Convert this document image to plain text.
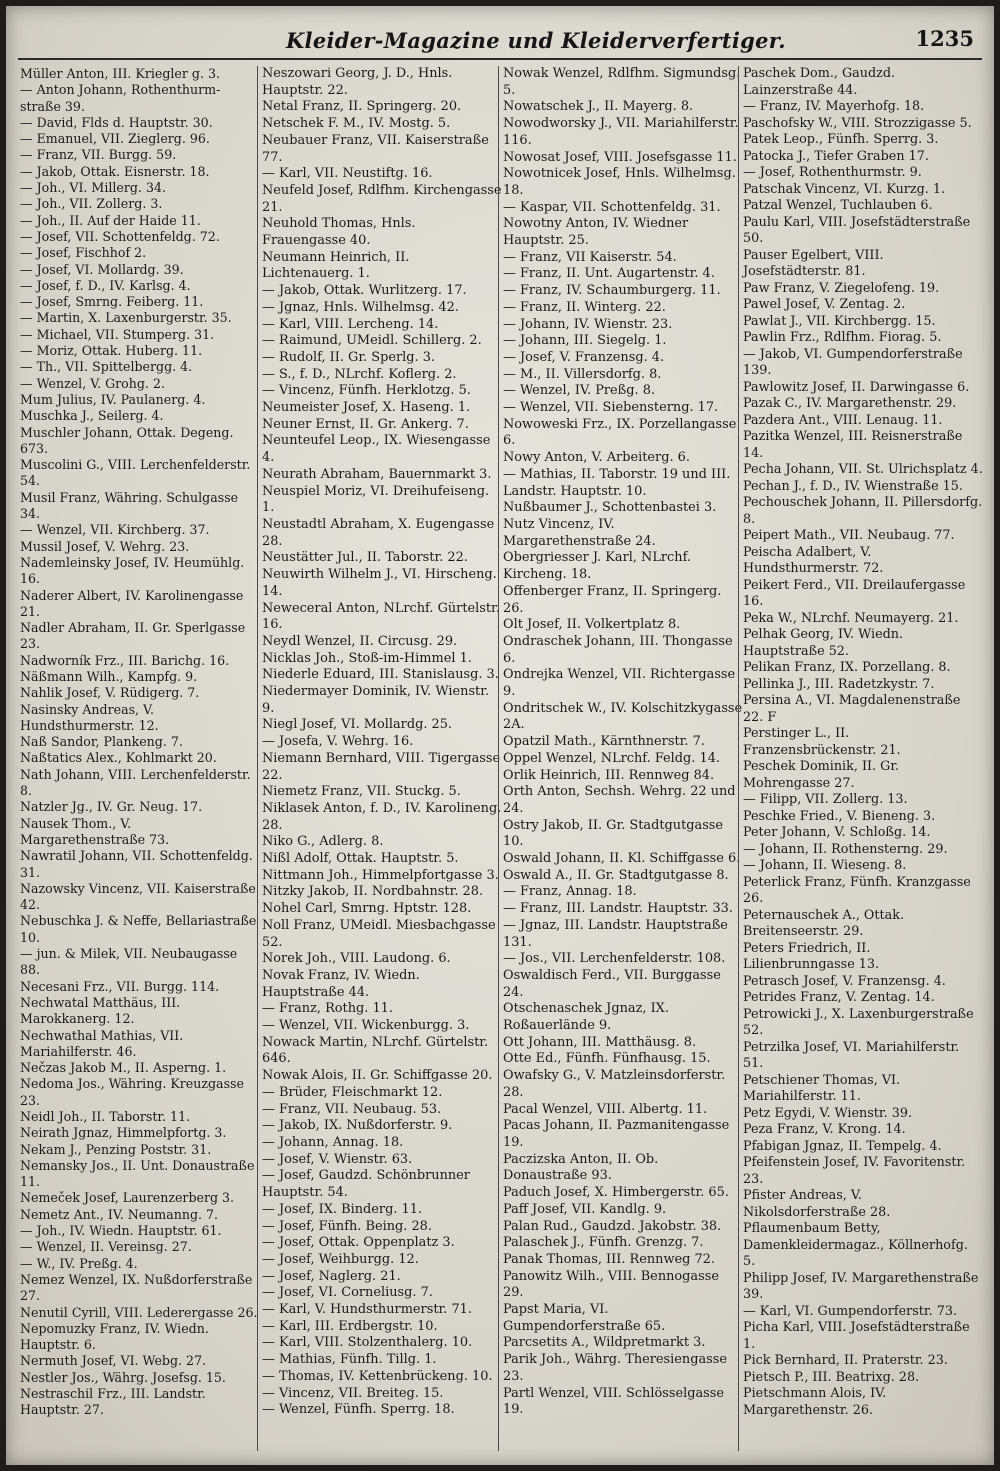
Kleider-Magazine und Kleiderverfertiger.	1235
Müller Anton, III. Kriegler g. 3.
— Anton Johann, Rothenthurm-
straße 39.
— David, Flds d. Hauptstr. 30.
— Emanuel, VII. Zieglerg. 96.
— Franz, VII. Burgg. 59.
— Jakob, Ottak. Eisnerstr. 18.
— Joh., VI. Millerg. 34.
— Joh., VII. Zollerg. 3.
— Joh., II. Auf der Haide 11.
— Josef, VII. Schottenfeldg. 72.
— Josef, Fischhof 2.
— Josef, VI. Mollardg. 39.
— Josef, f. D., IV. Karlsg. 4.
— Josef, Smrng. Feiberg. 11.
— Martin, X. Laxenburgerstr. 35.
— Michael, VII. Stumperg. 31.
— Moriz, Ottak. Huberg. 11.
— Th., VII. Spittelbergg. 4.
— Wenzel, V. Grohg. 2.
Mum Julius, IV. Paulanerg. 4.
Muschka J., Seilerg. 4.
Muschler Johann, Ottak. Degeng. 673.
Muscolini G., VIII. Lerchenfelderstr. 54.
Musil Franz, Währing. Schulgasse 34.
— Wenzel, VII. Kirchberg. 37.
Mussil Josef, V. Wehrg. 23.
Nademleinsky Josef, IV. Heumühlg. 16.
Naderer Albert, IV. Karolinengasse 21.
Nadler Abraham, II. Gr. Sperlgasse 23.
Nadworník Frz., III. Barichg. 16.
Näßmann Wilh., Kampfg. 9.
Nahlik Josef, V. Rüdigerg. 7.
Nasinsky Andreas, V. Hundsthurmerstr. 12.
Naß Sandor, Plankeng. 7.
Naßtatics Alex., Kohlmarkt 20.
Nath Johann, VIII. Lerchenfelderstr. 8.
Natzler Jg., IV. Gr. Neug. 17.
Nausek Thom., V. Margarethenstraße 73.
Nawratil Johann, VII. Schottenfeldg. 31.
Nazowsky Vincenz, VII. Kaiserstraße 42.
Nebuschka J. & Neffe, Bellariastraße 10.
— jun. & Milek, VII. Neubaugasse 88.
Necesani Frz., VII. Burgg. 114.
Nechwatal Matthäus, III. Marokkanerg. 12.
Nechwathal Mathias, VII. Mariahilferstr. 46.
Nečzas Jakob M., II. Asperng. 1.
Nedoma Jos., Währing. Kreuzgasse 23.
Neidl Joh., II. Taborstr. 11.
Neirath Jgnaz, Himmelpfortg. 3.
Nekam J., Penzing Poststr. 31.
Nemansky Jos., II. Unt. Donaustraße 11.
Nemeček Josef, Laurenzerberg 3.
Nemetz Ant., IV. Neumanng. 7.
— Joh., IV. Wiedn. Hauptstr. 61.
— Wenzel, II. Vereinsg. 27.
— W., IV. Preßg. 4.
Nemez Wenzel, IX. Nußdorferstraße 27.
Nenutil Cyrill, VIII. Lederergasse 26.
Nepomuzky Franz, IV. Wiedn. Hauptstr. 6.
Nermuth Josef, VI. Webg. 27.
Nestler Jos., Währg. Josefsg. 15.
Nestraschil Frz., III. Landstr. Hauptstr. 27.
Neszowari Georg, J. D., Hnls. Hauptstr. 22.
Netal Franz, II. Springerg. 20.
Netschek F. M., IV. Mostg. 5.
Neubauer Franz, VII. Kaiserstraße 77.
— Karl, VII. Neustiftg. 16.
Neufeld Josef, Rdlfhm. Kirchengasse 21.
Neuhold Thomas, Hnls. Frauengasse 40.
Neumann Heinrich, II. Lichtenauerg. 1.
— Jakob, Ottak. Wurlitzerg. 17.
— Jgnaz, Hnls. Wilhelmsg. 42.
— Karl, VIII. Lercheng. 14.
— Raimund, UMeidl. Schillerg. 2.
— Rudolf, II. Gr. Sperlg. 3.
— S., f. D., NLrchf. Koflerg. 2.
— Vincenz, Fünfh. Herklotzg. 5.
Neumeister Josef, X. Haseng. 1.
Neuner Ernst, II. Gr. Ankerg. 7.
Neunteufel Leop., IX. Wiesengasse 4.
Neurath Abraham, Bauernmarkt 3.
Neuspiel Moriz, VI. Dreihufeiseng. 1.
Neustadtl Abraham, X. Eugengasse 28.
Neustätter Jul., II. Taborstr. 22.
Neuwirth Wilhelm J., VI. Hirscheng. 14.
Neweceral Anton, NLrchf. Gürtelstr. 16.
Neydl Wenzel, II. Circusg. 29.
Nicklas Joh., Stoß-im-Himmel 1.
Niederle Eduard, III. Stanislausg. 3.
Niedermayer Dominik, IV. Wienstr. 9.
Niegl Josef, VI. Mollardg. 25.
— Josefa, V. Wehrg. 16.
Niemann Bernhard, VIII. Tigergasse 22.
Niemetz Franz, VII. Stuckg. 5.
Niklasek Anton, f. D., IV. Karolineng. 28.
Niko G., Adlerg. 8.
Nißl Adolf, Ottak. Hauptstr. 5.
Nittmann Joh., Himmelpfortgasse 3.
Nitzky Jakob, II. Nordbahnstr. 28.
Nohel Carl, Smrng. Hptstr. 128.
Noll Franz, UMeidl. Miesbachgasse 52.
Norek Joh., VIII. Laudong. 6.
Novak Franz, IV. Wiedn. Hauptstraße 44.
— Franz, Rothg. 11.
— Wenzel, VII. Wickenburgg. 3.
Nowack Martin, NLrchf. Gürtelstr. 646.
Nowak Alois, II. Gr. Schiffgasse 20.
— Brüder, Fleischmarkt 12.
— Franz, VII. Neubaug. 53.
— Jakob, IX. Nußdorferstr. 9.
— Johann, Annag. 18.
— Josef, V. Wienstr. 63.
— Josef, Gaudzd. Schönbrunner Hauptstr. 54.
— Josef, IX. Binderg. 11.
— Josef, Fünfh. Being. 28.
— Josef, Ottak. Oppenplatz 3.
— Josef, Weihburgg. 12.
— Josef, Naglerg. 21.
— Josef, VI. Corneliusg. 7.
— Karl, V. Hundsthurmerstr. 71.
— Karl, III. Erdbergstr. 10.
— Karl, VIII. Stolzenthalerg. 10.
— Mathias, Fünfh. Tillg. 1.
— Thomas, IV. Kettenbrückeng. 10.
— Vincenz, VII. Breiteg. 15.
— Wenzel, Fünfh. Sperrg. 18.
Nowak Wenzel, Rdlfhm. Sigmundsg. 5.
Nowatschek J., II. Mayerg. 8.
Nowodworsky J., VII. Mariahilferstr. 116.
Nowosat Josef, VIII. Josefsgasse 11.
Nowotnicek Josef, Hnls. Wilhelmsg. 18.
— Kaspar, VII. Schottenfeldg. 31.
Nowotny Anton, IV. Wiedner Hauptstr. 25.
— Franz, VII Kaiserstr. 54.
— Franz, II. Unt. Augartenstr. 4.
— Franz, IV. Schaumburgerg. 11.
— Franz, II. Winterg. 22.
— Johann, IV. Wienstr. 23.
— Johann, III. Siegelg. 1.
— Josef, V. Franzensg. 4.
— M., II. Villersdorfg. 8.
— Wenzel, IV. Preßg. 8.
— Wenzel, VII. Siebensterng. 17.
Nowoweski Frz., IX. Porzellangasse 6.
Nowy Anton, V. Arbeiterg. 6.
— Mathias, II. Taborstr. 19 und III. Landstr. Hauptstr. 10.
Nußbaumer J., Schottenbastei 3.
Nutz Vincenz, IV. Margarethenstraße 24.
Obergriesser J. Karl, NLrchf. Kircheng. 18.
Offenberger Franz, II. Springerg. 26.
Olt Josef, II. Volkertplatz 8.
Ondraschek Johann, III. Thongasse 6.
Ondrejka Wenzel, VII. Richtergasse 9.
Ondritschek W., IV. Kolschitzkygasse 2A.
Opatzil Math., Kärnthnerstr. 7.
Oppel Wenzel, NLrchf. Feldg. 14.
Orlik Heinrich, III. Rennweg 84.
Orth Anton, Sechsh. Wehrg. 22 und 24.
Ostry Jakob, II. Gr. Stadtgutgasse 10.
Oswald Johann, II. Kl. Schiffgasse 6.
Oswald A., II. Gr. Stadtgutgasse 8.
— Franz, Annag. 18.
— Franz, III. Landstr. Hauptstr. 33.
— Jgnaz, III. Landstr. Hauptstraße 131.
— Jos., VII. Lerchenfelderstr. 108.
Oswaldisch Ferd., VII. Burggasse 24.
Otschenaschek Jgnaz, IX. Roßauerlände 9.
Ott Johann, III. Matthäusg. 8.
Otte Ed., Fünfh. Fünfhausg. 15.
Owafsky G., V. Matzleinsdorferstr. 28.
Pacal Wenzel, VIII. Albertg. 11.
Pacas Johann, II. Pazmanitengasse 19.
Paczizska Anton, II. Ob. Donaustraße 93.
Paduch Josef, X. Himbergerstr. 65.
Paff Josef, VII. Kandlg. 9.
Palan Rud., Gaudzd. Jakobstr. 38.
Palaschek J., Fünfh. Grenzg. 7.
Panak Thomas, III. Rennweg 72.
Panowitz Wilh., VIII. Bennogasse 29.
Papst Maria, VI. Gumpendorferstraße 65.
Parcsetits A., Wildpretmarkt 3.
Parik Joh., Währg. Theresiengasse 23.
Partl Wenzel, VIII. Schlösselgasse 19.
Paschek Dom., Gaudzd. Lainzerstraße 44.
— Franz, IV. Mayerhofg. 18.
Paschofsky W., VIII. Strozzigasse 5.
Patek Leop., Fünfh. Sperrg. 3.
Patocka J., Tiefer Graben 17.
— Josef, Rothenthurmstr. 9.
Patschak Vincenz, VI. Kurzg. 1.
Patzal Wenzel, Tuchlauben 6.
Paulu Karl, VIII. Josefstädterstraße 50.
Pauser Egelbert, VIII. Josefstädterstr. 81.
Paw Franz, V. Ziegelofeng. 19.
Pawel Josef, V. Zentag. 2.
Pawlat J., VII. Kirchbergg. 15.
Pawlin Frz., Rdlfhm. Fiorag. 5.
— Jakob, VI. Gumpendorferstraße 139.
Pawlowitz Josef, II. Darwingasse 6.
Pazak C., IV. Margarethenstr. 29.
Pazdera Ant., VIII. Lenaug. 11.
Pazitka Wenzel, III. Reisnerstraße 14.
Pecha Johann, VII. St. Ulrichsplatz 4.
Pechan J., f. D., IV. Wienstraße 15.
Pechouschek Johann, II. Pillersdorfg. 8.
Peipert Math., VII. Neubaug. 77.
Peischa Adalbert, V. Hundsthurmerstr. 72.
Peikert Ferd., VII. Dreilaufergasse 16.
Peka W., NLrchf. Neumayerg. 21.
Pelhak Georg, IV. Wiedn. Hauptstraße 52.
Pelikan Franz, IX. Porzellang. 8.
Pellinka J., III. Radetzkystr. 7.
Persina A., VI. Magdalenenstraße 22. F
Perstinger L., II. Franzensbrückenstr. 21.
Peschek Dominik, II. Gr. Mohrengasse 27.
— Filipp, VII. Zollerg. 13.
Peschke Fried., V. Bieneng. 3.
Peter Johann, V. Schloßg. 14.
— Johann, II. Rothensterng. 29.
— Johann, II. Wieseng. 8.
Peterlick Franz, Fünfh. Kranzgasse 26.
Peternauschek A., Ottak. Breitenseerstr. 29.
Peters Friedrich, II. Lilienbrunngasse 13.
Petrasch Josef, V. Franzensg. 4.
Petrides Franz, V. Zentag. 14.
Petrowicki J., X. Laxenburgerstraße 52.
Petrzilka Josef, VI. Mariahilferstr. 51.
Petschiener Thomas, VI. Mariahilferstr. 11.
Petz Egydi, V. Wienstr. 39.
Peza Franz, V. Krong. 14.
Pfabigan Jgnaz, II. Tempelg. 4.
Pfeifenstein Josef, IV. Favoritenstr. 23.
Pfister Andreas, V. Nikolsdorferstraße 28.
Pflaumenbaum Betty, Damenkleidermagaz., Köllnerhofg. 5.
Philipp Josef, IV. Margarethenstraße 39.
— Karl, VI. Gumpendorferstr. 73.
Picha Karl, VIII. Josefstädterstraße 1.
Pick Bernhard, II. Praterstr. 23.
Pietsch P., III. Beatrixg. 28.
Pietschmann Alois, IV. Margarethenstr. 26.
